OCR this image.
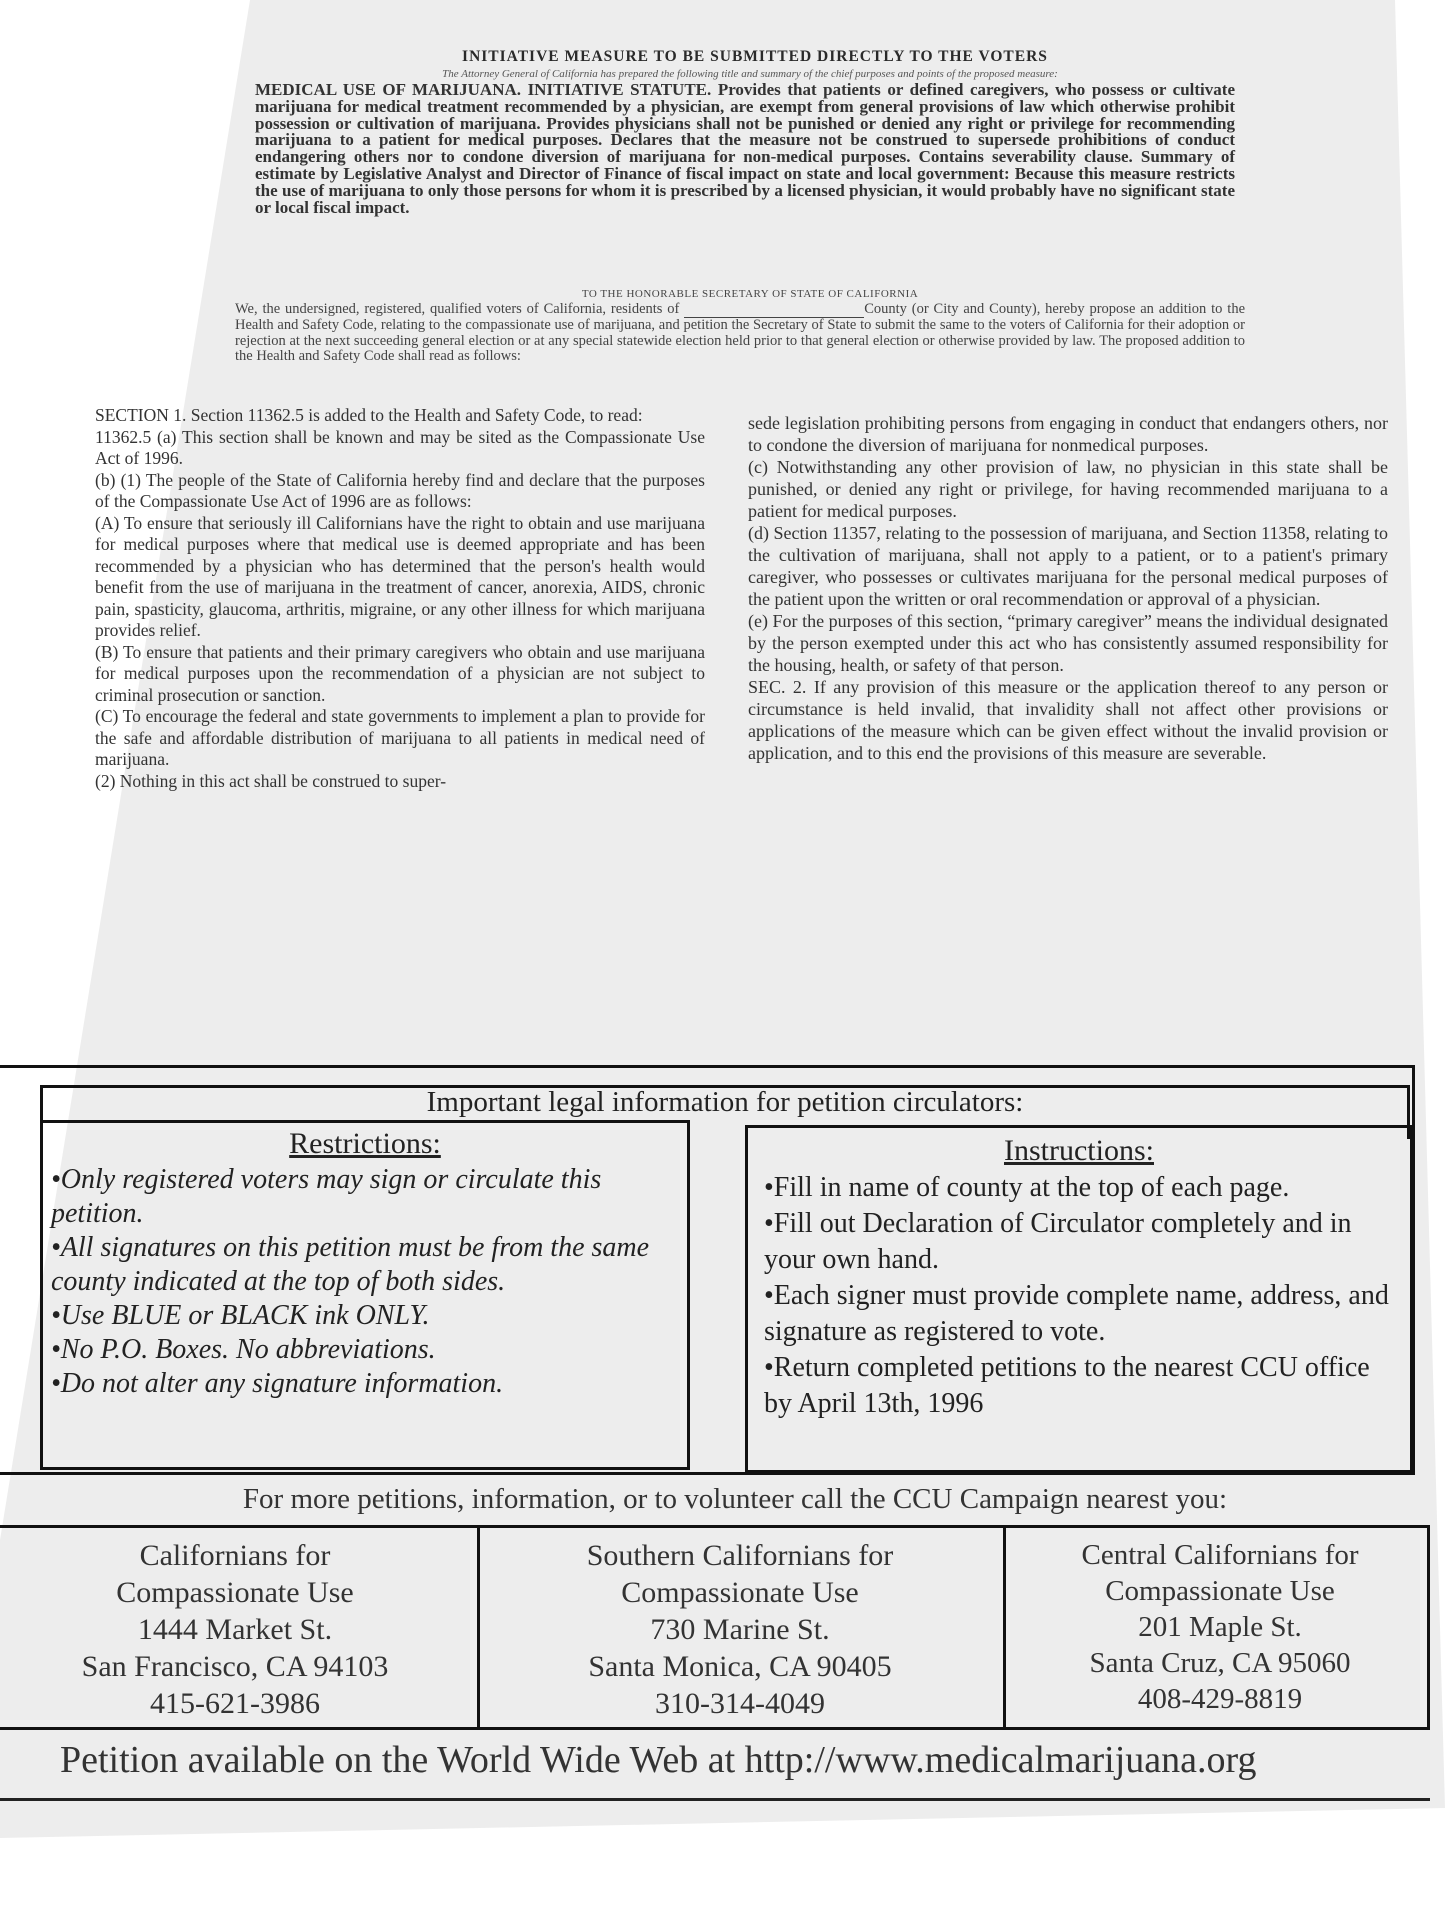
INITIATIVE MEASURE TO BE SUBMITTED DIRECTLY TO THE VOTERS

The Attorney General of California has prepared the following title and summary of the chief purposes and points of the proposed measure:

MEDICAL USE OF MARIJUANA. INITIATIVE STATUTE. Provides that patients or defined caregivers, who possess or cultivate marijuana for medical treatment recommended by a physician, are exempt from general provisions of law which otherwise prohibit possession or cultivation of marijuana. Provides physicians shall not be punished or denied any right or privilege for recommending marijuana to a patient for medical purposes. Declares that the measure not be construed to supersede prohibitions of conduct endangering others nor to condone diversion of marijuana for non-medical purposes. Contains severability clause. Summary of estimate by Legislative Analyst and Director of Finance of fiscal impact on state and local government: Because this measure restricts the use of marijuana to only those persons for whom it is prescribed by a licensed physician, it would probably have no significant state or local fiscal impact.

TO THE HONORABLE SECRETARY OF STATE OF CALIFORNIA

We, the undersigned, registered, qualified voters of California, residents of	County (or City and County), hereby propose an addition to the Health and Safety Code, relating to the compassionate use of marijuana, and petition the Secretary of State to submit the same to the voters of California for their adoption or rejection at the next succeeding general election or at any special statewide election held prior to that general election or otherwise provided by law. The proposed addition to the Health and Safety Code shall read as follows:

SECTION 1. Section 11362.5 is added to the Health and Safety Code, to read:

11362.5 (a) This section shall be known and may be sited as the Compassionate Use Act of 1996.

(b) (1) The people of the State of California hereby find and declare that the purposes of the Compassionate Use Act of 1996 are as follows:

(A) To ensure that seriously ill Californians have the right to obtain and use marijuana for medical purposes where that medical use is deemed appropriate and has been recommended by a physician who has determined that the person's health would benefit from the use of marijuana in the treatment of cancer, anorexia, AIDS, chronic pain, spasticity, glaucoma, arthritis, migraine, or any other illness for which marijuana provides relief.

(B) To ensure that patients and their primary caregivers who obtain and use marijuana for medical purposes upon the recommendation of a physician are not subject to criminal prosecution or sanction.

(C) To encourage the federal and state governments to implement a plan to provide for the safe and affordable distribution of marijuana to all patients in medical need of marijuana.

(2) Nothing in this act shall be construed to super-

sede legislation prohibiting persons from engaging in conduct that endangers others, nor to condone the diversion of marijuana for nonmedical purposes.

(c) Notwithstanding any other provision of law, no physician in this state shall be punished, or denied any right or privilege, for having recommended marijuana to a patient for medical purposes.

(d) Section 11357, relating to the possession of marijuana, and Section 11358, relating to the cultivation of marijuana, shall not apply to a patient, or to a patient's primary caregiver, who possesses or cultivates marijuana for the personal medical purposes of the patient upon the written or oral recommendation or approval of a physician.

(e) For the purposes of this section, “primary caregiver” means the individual designated by the person exempted under this act who has consistently assumed responsibility for the housing, health, or safety of that person.

SEC. 2. If any provision of this measure or the application thereof to any person or circumstance is held invalid, that invalidity shall not affect other provisions or applications of the measure which can be given effect without the invalid provision or application, and to this end the provisions of this measure are severable.

Important legal information for petition circulators:
Restrictions:
•Only registered voters may sign or circulate this petition.
•All signatures on this petition must be from the same county indicated at the top of both sides.
•Use BLUE or BLACK ink ONLY.
•No P.O. Boxes. No abbreviations.
•Do not alter any signature information.
Instructions:
•Fill in name of county at the top of each page.
•Fill out Declaration of Circulator completely and in your own hand.
•Each signer must provide complete name, address, and signature as registered to vote.
•Return completed petitions to the nearest CCU office by April 13th, 1996

For more petitions, information, or to volunteer call the CCU Campaign nearest you:

Californians for
Compassionate Use
1444 Market St.
San Francisco, CA 94103
415-621-3986
Southern Californians for
Compassionate Use
730 Marine St.
Santa Monica, CA 90405
310-314-4049
Central Californians for
Compassionate Use
201 Maple St.
Santa Cruz, CA 95060
408-429-8819

Petition available on the World Wide Web at http://www.medicalmarijuana.org
